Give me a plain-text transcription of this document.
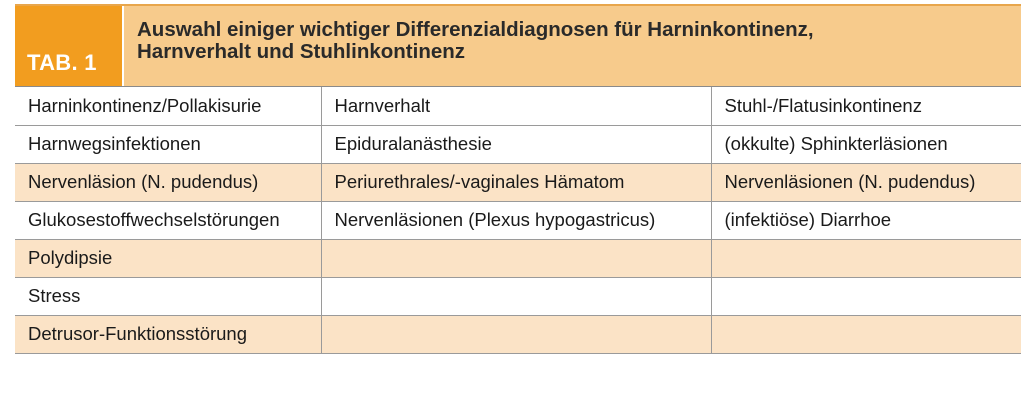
TAB. 1
Auswahl einiger wichtiger Differenzialdiagnosen für Harninkontinenz,
Harnverhalt und Stuhlinkontinenz
Harninkontinenz/Pollakisurie	Harnverhalt	Stuhl-/Flatusinkontinenz
Harnwegsinfektionen	Epiduralanästhesie	(okkulte) Sphinkterläsionen
Nervenläsion (N. pudendus)	Periurethrales/-vaginales Hämatom	Nervenläsionen (N. pudendus)
Glukosestoffwechselstörungen	Nervenläsionen (Plexus hypogastricus)	(infektiöse) Diarrhoe
Polydipsie		
Stress		
Detrusor-Funktionsstörung		
